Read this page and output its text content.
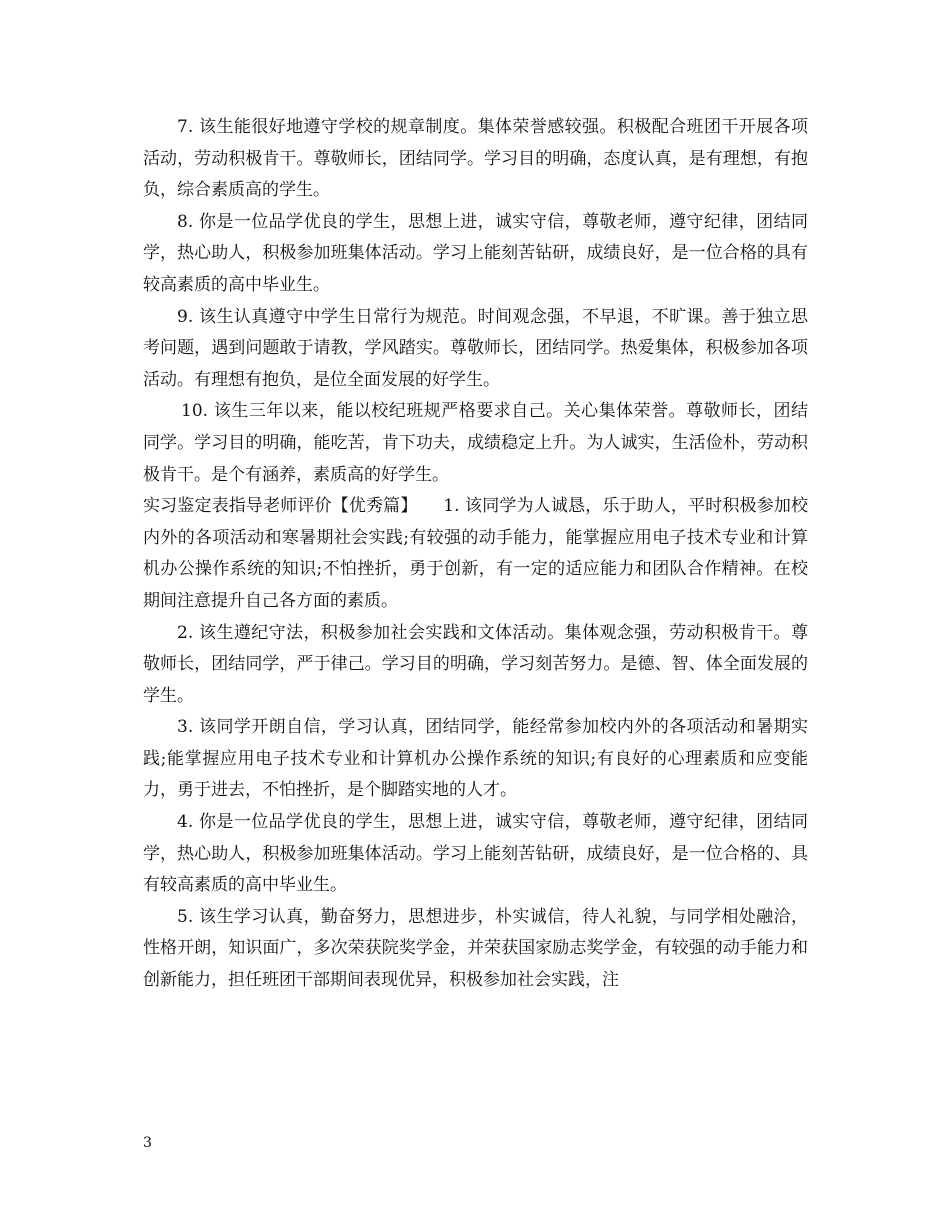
7. 该生能很好地遵守学校的规章制度。集体荣誉感较强。积极配合班团干开展各项活动，劳动积极肯干。尊敬师长，团结同学。学习目的明确，态度认真，是有理想，有抱负，综合素质高的学生。

8. 你是一位品学优良的学生，思想上进，诚实守信，尊敬老师，遵守纪律，团结同学，热心助人，积极参加班集体活动。学习上能刻苦钻研，成绩良好，是一位合格的具有较高素质的高中毕业生。

9. 该生认真遵守中学生日常行为规范。时间观念强，不早退，不旷课。善于独立思考问题，遇到问题敢于请教，学风踏实。尊敬师长，团结同学。热爱集体，积极参加各项活动。有理想有抱负，是位全面发展的好学生。

10. 该生三年以来，能以校纪班规严格要求自己。关心集体荣誉。尊敬师长，团结同学。学习目的明确，能吃苦，肯下功夫，成绩稳定上升。为人诚实，生活俭朴，劳动积极肯干。是个有涵养，素质高的好学生。

实习鉴定表指导老师评价【优秀篇】　　1. 该同学为人诚恳，乐于助人，平时积极参加校内外的各项活动和寒暑期社会实践;有较强的动手能力，能掌握应用电子技术专业和计算机办公操作系统的知识;不怕挫折，勇于创新，有一定的适应能力和团队合作精神。在校期间注意提升自己各方面的素质。

2. 该生遵纪守法，积极参加社会实践和文体活动。集体观念强，劳动积极肯干。尊敬师长，团结同学，严于律己。学习目的明确，学习刻苦努力。是德、智、体全面发展的学生。

3. 该同学开朗自信，学习认真，团结同学，能经常参加校内外的各项活动和暑期实践;能掌握应用电子技术专业和计算机办公操作系统的知识;有良好的心理素质和应变能力，勇于进去，不怕挫折，是个脚踏实地的人才。

4. 你是一位品学优良的学生，思想上进，诚实守信，尊敬老师，遵守纪律，团结同学，热心助人，积极参加班集体活动。学习上能刻苦钻研，成绩良好，是一位合格的、具有较高素质的高中毕业生。

5. 该生学习认真，勤奋努力，思想进步，朴实诚信，待人礼貌，与同学相处融洽，性格开朗，知识面广，多次荣获院奖学金，并荣获国家励志奖学金，有较强的动手能力和创新能力，担任班团干部期间表现优异，积极参加社会实践，注

3
